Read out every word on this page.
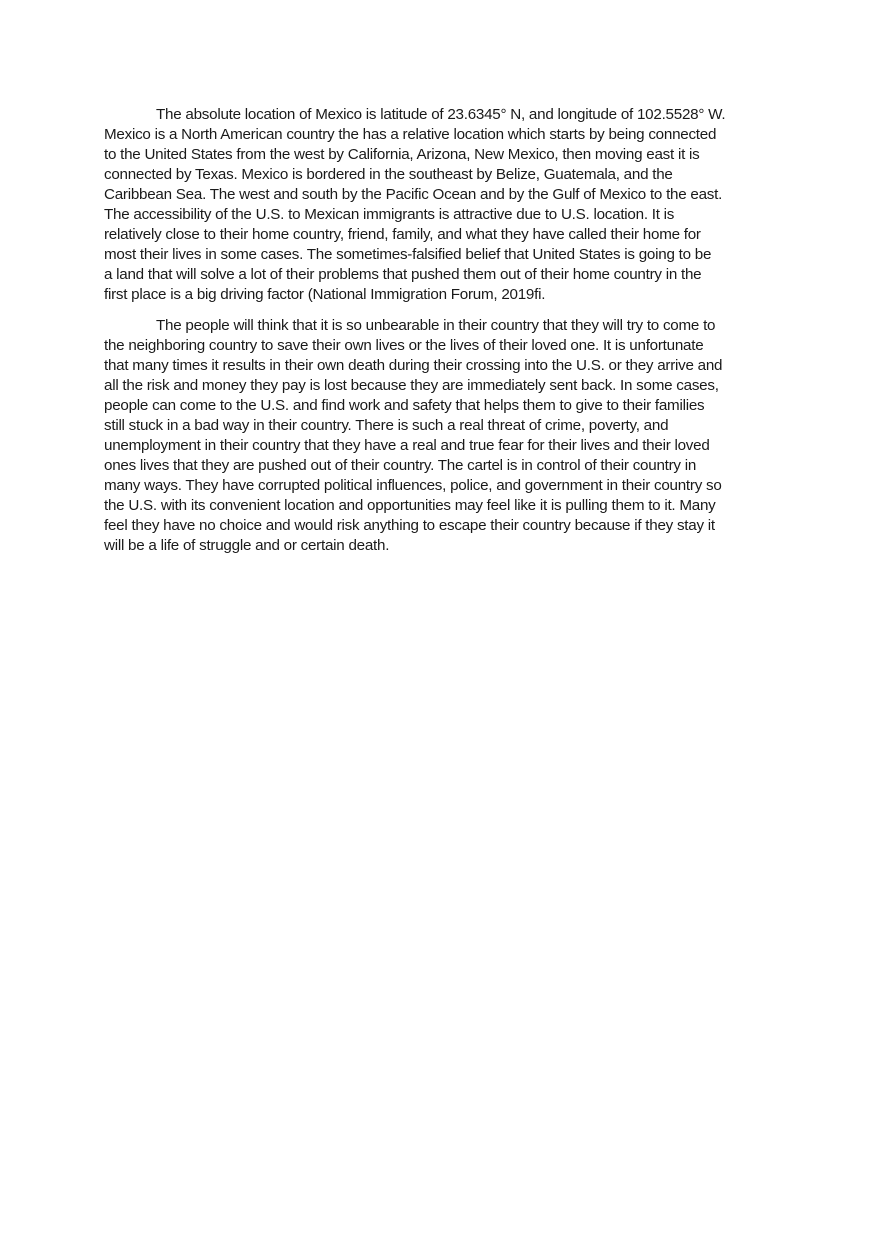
The absolute location of Mexico is latitude of 23.6345° N, and longitude of 102.5528° W.
Mexico is a North American country the has a relative location which starts by being connected
to the United States from the west by California, Arizona, New Mexico, then moving east it is
connected by Texas. Mexico is bordered in the southeast by Belize, Guatemala, and the
Caribbean Sea. The west and south by the Pacific Ocean and by the Gulf of Mexico to the east.
The accessibility of the U.S. to Mexican immigrants is attractive due to U.S. location. It is
relatively close to their home country, friend, family, and what they have called their home for
most their lives in some cases. The sometimes-falsified belief that United States is going to be
a land that will solve a lot of their problems that pushed them out of their home country in the
first place is a big driving factor (National Immigration Forum, 2019fi.
The people will think that it is so unbearable in their country that they will try to come to
the neighboring country to save their own lives or the lives of their loved one. It is unfortunate
that many times it results in their own death during their crossing into the U.S. or they arrive and
all the risk and money they pay is lost because they are immediately sent back. In some cases,
people can come to the U.S. and find work and safety that helps them to give to their families
still stuck in a bad way in their country. There is such a real threat of crime, poverty, and
unemployment in their country that they have a real and true fear for their lives and their loved
ones lives that they are pushed out of their country. The cartel is in control of their country in
many ways. They have corrupted political influences, police, and government in their country so
the U.S. with its convenient location and opportunities may feel like it is pulling them to it. Many
feel they have no choice and would risk anything to escape their country because if they stay it
will be a life of struggle and or certain death.
